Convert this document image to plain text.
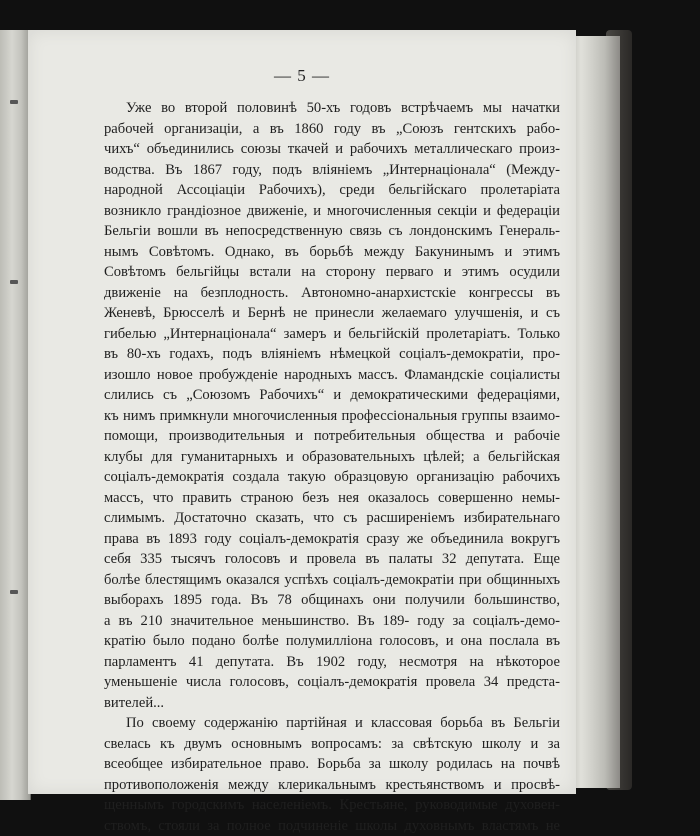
— 5 —
Уже во второй половинѣ 50-хъ годовъ встрѣчаемъ мы начатки
рабочей организаціи, а въ 1860 году въ „Союзъ гентскихъ рабо-
чихъ“ объединились союзы ткачей и рабочихъ металлическаго произ-
водства. Въ 1867 году, подъ вліяніемъ „Интернаціонала“ (Между-
народной Ассоціаціи Рабочихъ), среди бельгійскаго пролетаріата
возникло грандіозное движеніе, и многочисленныя секціи и федераціи
Бельгіи вошли въ непосредственную связь съ лондонскимъ Генераль-
нымъ Совѣтомъ. Однако, въ борьбѣ между Бакунинымъ и этимъ
Совѣтомъ бельгійцы встали на сторону перваго и этимъ осудили
движеніе на безплодность. Автономно-анархистскіе конгрессы въ
Женевѣ, Брюсселѣ и Бернѣ не принесли желаемаго улучшенія, и съ
гибелью „Интернаціонала“ замеръ и бельгійскій пролетаріатъ. Только
въ 80-хъ годахъ, подъ вліяніемъ нѣмецкой соціалъ-демократіи, про-
изошло новое пробужденіе народныхъ массъ. Фламандскіе соціалисты
слились съ „Союзомъ Рабочихъ“ и демократическими федераціями,
къ нимъ примкнули многочисленныя профессіональныя группы взаимо-
помощи, производительныя и потребительныя общества и рабочіе
клубы для гуманитарныхъ и образовательныхъ цѣлей; а бельгійская
соціалъ-демократія создала такую образцовую организацію рабочихъ
массъ, что править страною безъ нея оказалось совершенно немы-
слимымъ. Достаточно сказать, что съ расширеніемъ избирательнаго
права въ 1893 году соціалъ-демократія сразу же объединила вокругъ
себя 335 тысячъ голосовъ и провела въ палаты 32 депутата. Еще
болѣе блестящимъ оказался успѣхъ соціалъ-демократіи при общинныхъ
выборахъ 1895 года. Въ 78 общинахъ они получили большинство,
а въ 210 значительное меньшинство. Въ 189- году за соціалъ-демо-
кратію было подано болѣе полумилліона голосовъ, и она послала въ
парламентъ 41 депутата. Въ 1902 году, несмотря на нѣкоторое
уменьшеніе числа голосовъ, соціалъ-демократія провела 34 предста-
вителей...
По своему содержанію партійная и классовая борьба въ Бельгіи
свелась къ двумъ основнымъ вопросамъ: за свѣтскую школу и за
всеобщее избирательное право. Борьба за школу родилась на почвѣ
противоположенія между клерикальнымъ крестьянствомъ и просвѣ-
щеннымъ городскимъ населеніемъ. Крестьяне, руководимые духовен-
ствомъ, стояли за полное подчиненіе школы духовнымъ властямъ не
